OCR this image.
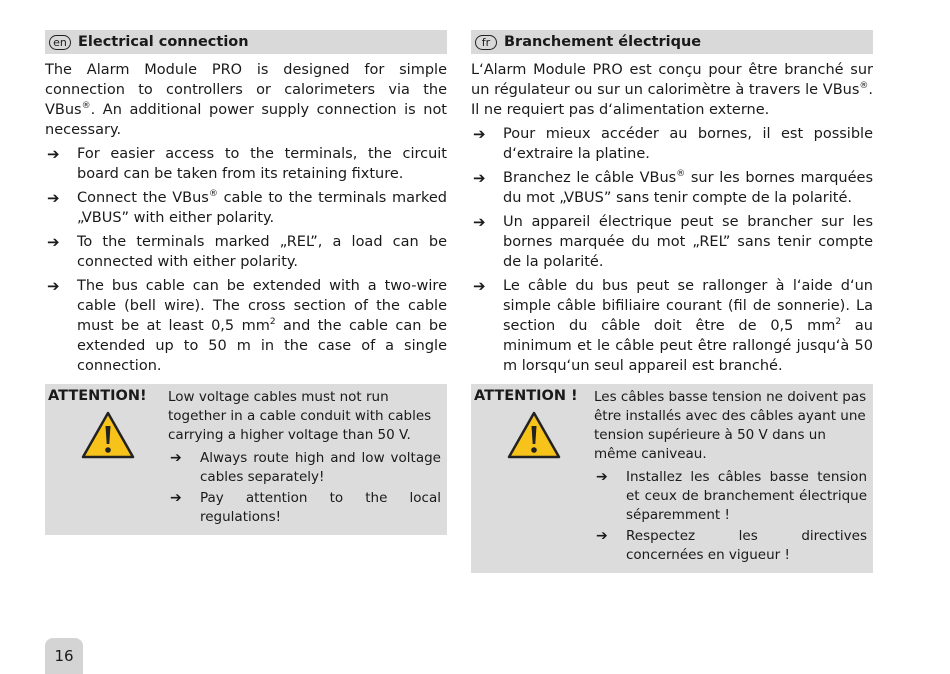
en Electrical connection

The Alarm Module PRO is designed for simple connection to controllers or calorimeters via the VBus®. An additional power supply connection is not necessary.

➔ For easier access to the terminals, the circuit board can be taken from its retaining fixture.
➔ Connect the VBus® cable to the terminals marked „VBUS” with either polarity.
➔ To the terminals marked „REL”, a load can be connected with either polarity.
➔ The bus cable can be extended with a two-wire cable (bell wire). The cross section of the cable must be at least 0,5 $mm^2$ and the cable can be extended up to 50 m in the case of a single connection.
ATTENTION! Low voltage cables must not run together in a cable conduit with cables carrying a higher voltage than 50 V.

➔ Always route high and low voltage cables separately!
➔ Pay attention to the local regulations!
fr Branchement électrique

L‘Alarm Module PRO est conçu pour être branché sur un régulateur ou sur un calorimètre à travers le VBus®. Il ne requiert pas d‘alimentation externe.

➔ Pour mieux accéder au bornes, il est possible d‘extraire la platine.
➔ Branchez le câble VBus® sur les bornes marquées du mot „VBUS” sans tenir compte de la polarité.
➔ Un appareil électrique peut se brancher sur les bornes marquée du mot „REL” sans tenir compte de la polarité.
➔ Le câble du bus peut se rallonger à l‘aide d‘un simple câble bifiliaire courant (fil de sonnerie). La section du câble doit être de 0,5 $mm^2$ au minimum et le câble peut être rallongé jusqu‘à 50 m lorsqu‘un seul appareil est branché.
ATTENTION ! Les câbles basse tension ne doivent pas être installés avec des câbles ayant une tension supérieure à 50 V dans un même caniveau.

➔ Installez les câbles basse tension et ceux de branchement électrique séparemment !
➔ Respectez les directives concernées en vigueur !
16
